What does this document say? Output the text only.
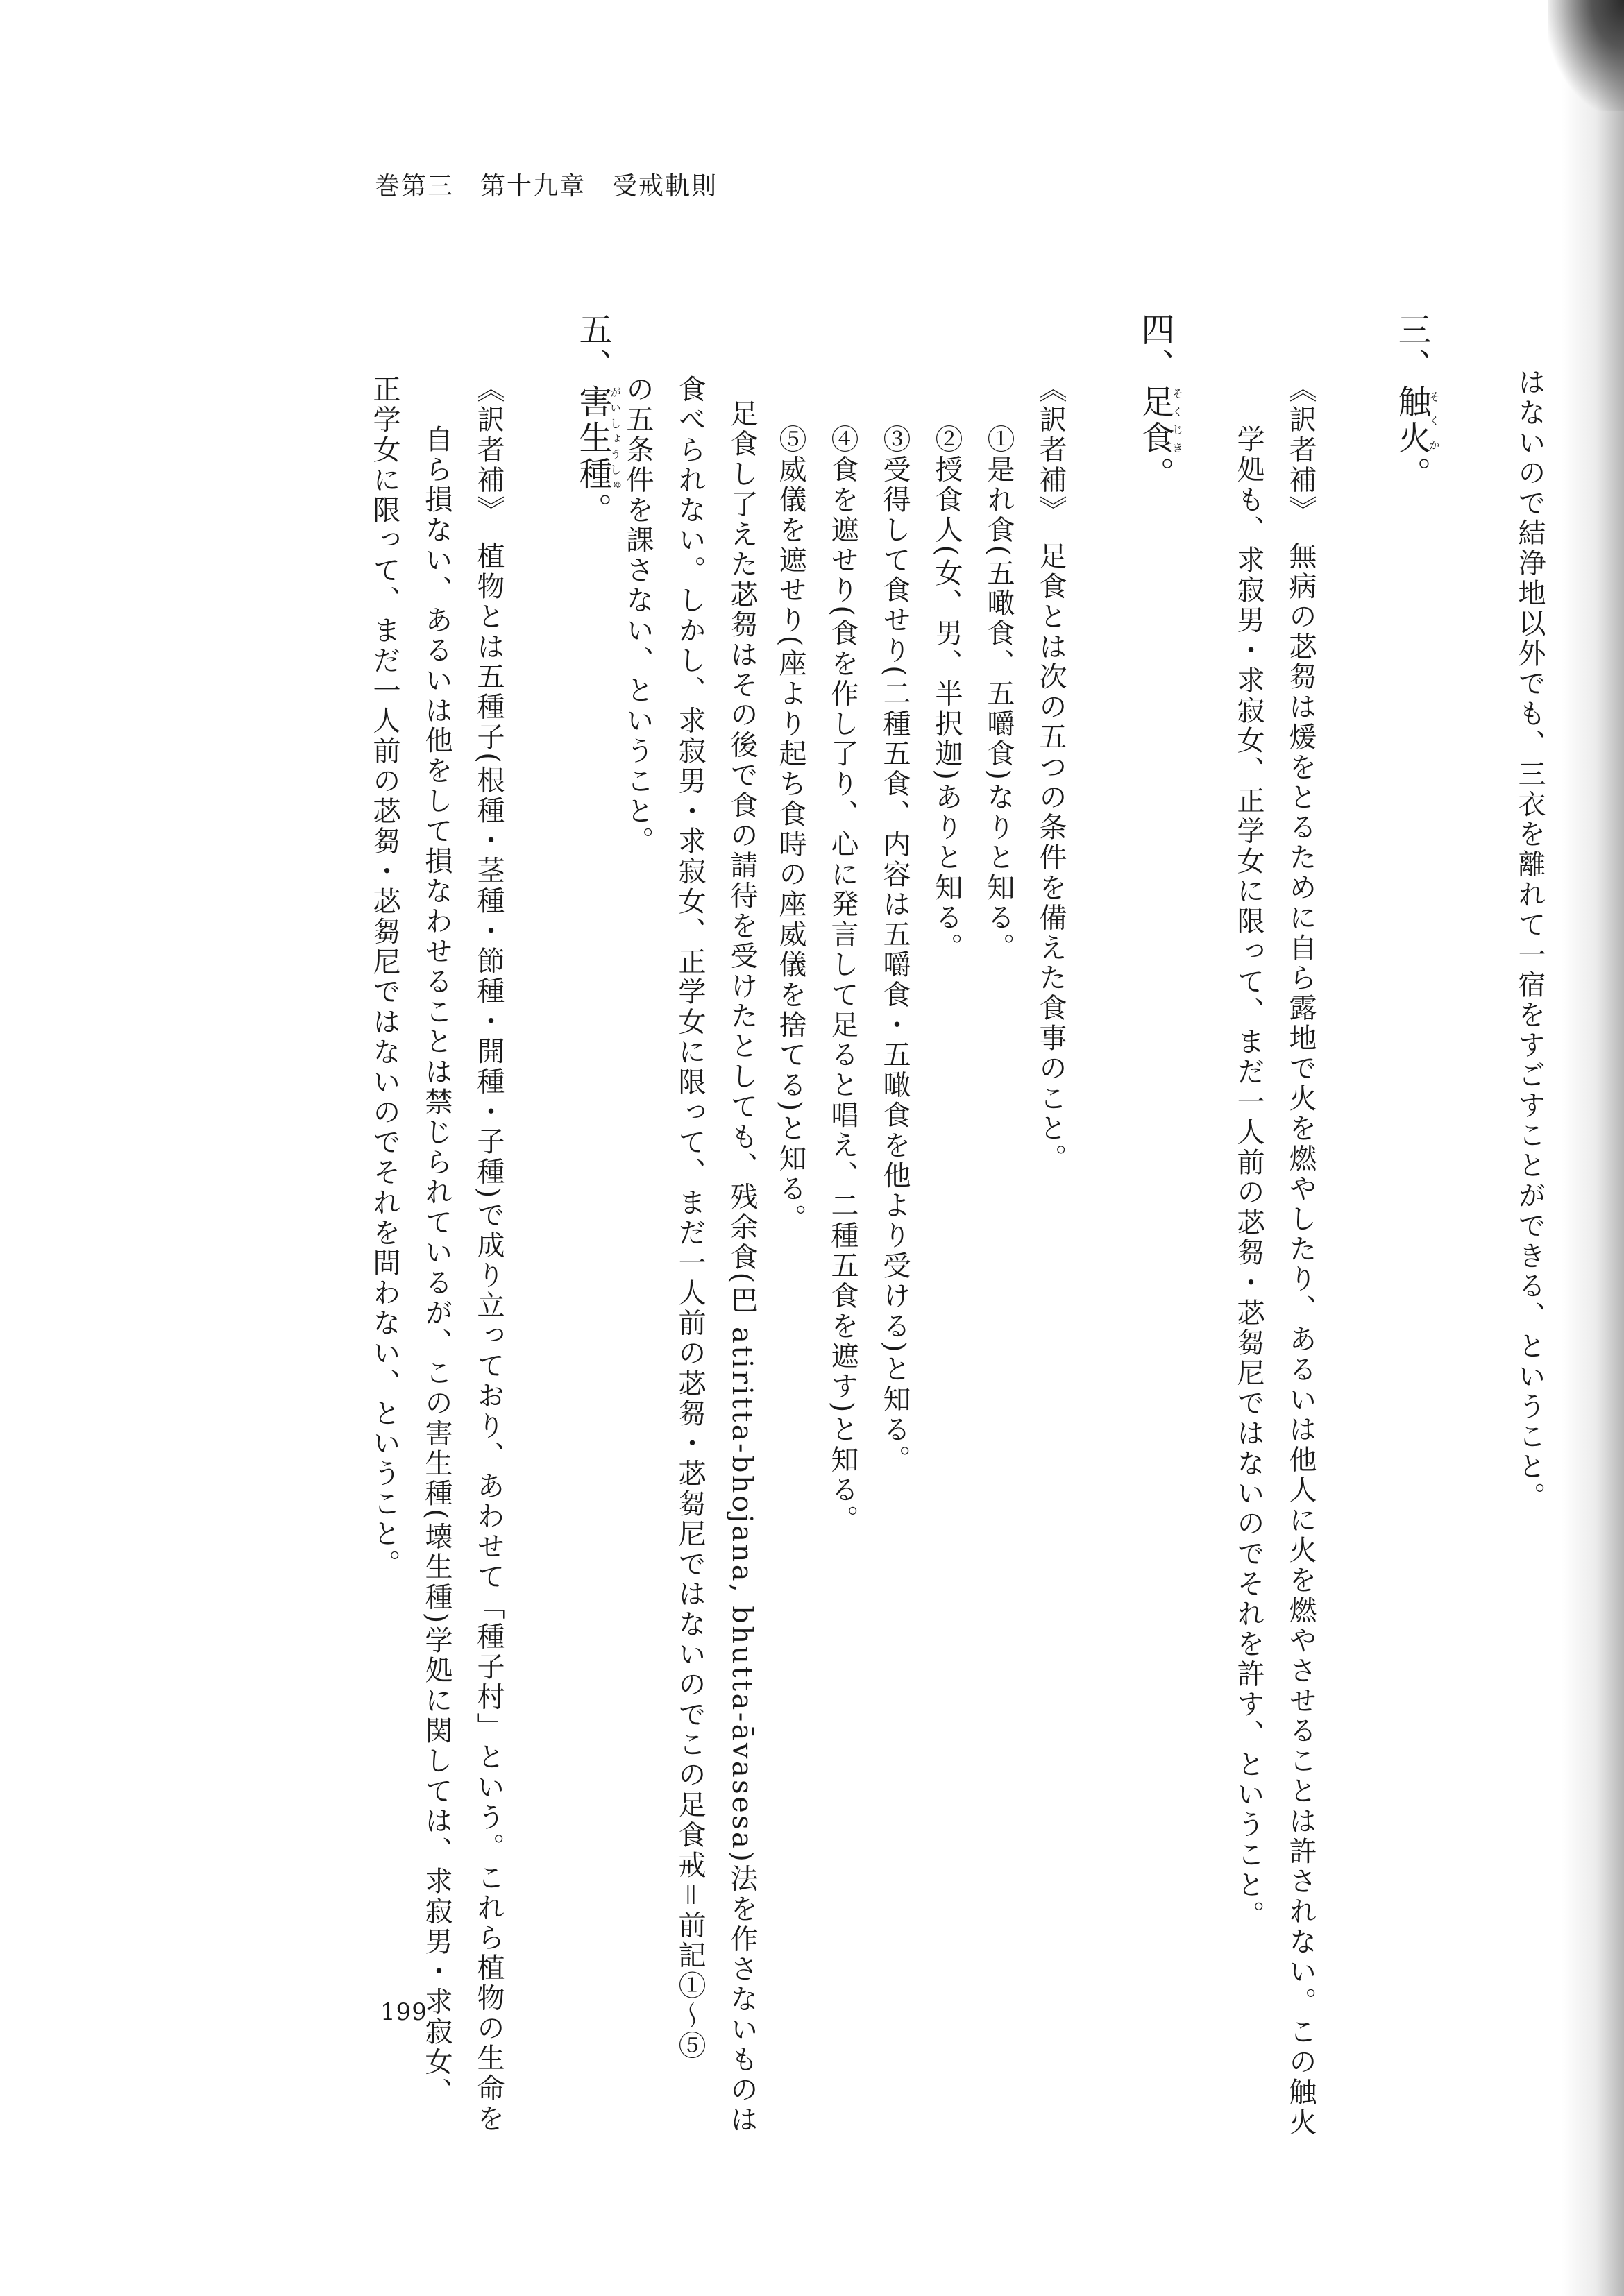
巻第三　第十九章　受戒軌則
はないので結浄地以外でも、三衣を離れて一宿をすごすことができる、ということ。
三、触火そくか。
《訳者補》　無病の苾芻は煖をとるために自ら露地で火を燃やしたり、あるいは他人に火を燃やさせることは許されない。この触火
学処も、求寂男・求寂女、正学女に限って、まだ一人前の苾芻・苾芻尼ではないのでそれを許す、ということ。
四、足食そくじき。
《訳者補》　足食とは次の五つの条件を備えた食事のこと。
①是れ食(五噉食、五嚼食)なりと知る。
②授食人(女、男、半択迦)ありと知る。
③受得して食せり(二種五食、内容は五嚼食・五噉食を他より受ける)と知る。
④食を遮せり(食を作し了り、心に発言して足ると唱え、二種五食を遮す)と知る。
⑤威儀を遮せり(座より起ち食時の座威儀を捨てる)と知る。
足食し了えた苾芻はその後で食の請待を受けたとしても、残余食(巴 atiritta-bhojana, bhutta-āvasesa)法を作さないものは
食べられない。しかし、求寂男・求寂女、正学女に限って、まだ一人前の苾芻・苾芻尼ではないのでこの足食戒＝前記①〜⑤
の五条件を課さない、ということ。
五、害生種がいしょうしゅ。
《訳者補》　植物とは五種子(根種・茎種・節種・開種・子種)で成り立っており、あわせて「種子村」という。これら植物の生命を
自ら損ない、あるいは他をして損なわせることは禁じられているが、この害生種(壊生種)学処に関しては、求寂男・求寂女、
正学女に限って、まだ一人前の苾芻・苾芻尼ではないのでそれを問わない、ということ。
199
